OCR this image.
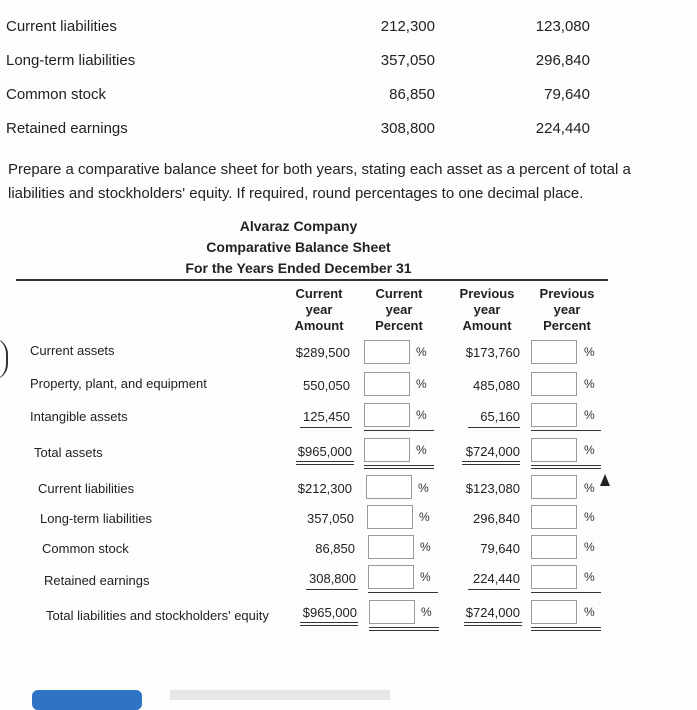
Current liabilities	212,300	123,080
Long-term liabilities	357,050	296,840
Common stock	86,850	79,640
Retained earnings	308,800	224,440
Prepare a comparative balance sheet for both years, stating each asset as a percent of total a
liabilities and stockholders' equity. If required, round percentages to one decimal place.
Alvaraz Company
Comparative Balance Sheet
For the Years Ended December 31
Current
year
Amount
Current
year
Percent
Previous
year
Amount
Previous
year
Percent
Current assets	$289,500	%	$173,760	%
Property, plant, and equipment	550,050	%	485,080	%
Intangible assets	125,450	%	65,160	%
Total assets	$965,000	%	$724,000	%
Current liabilities	$212,300	%	$123,080	%
Long-term liabilities	357,050	%	296,840	%
Common stock	86,850	%	79,640	%
Retained earnings	308,800	%	224,440	%
Total liabilities and stockholders' equity	$965,000	%	$724,000	%
